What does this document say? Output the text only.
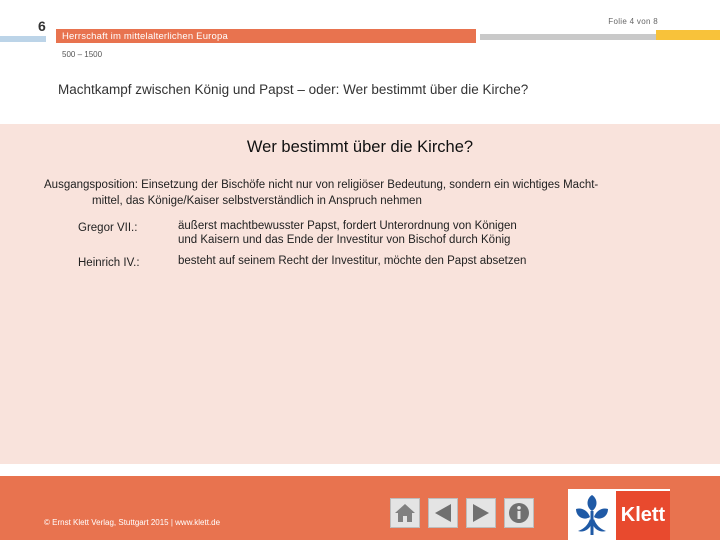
6	Folie 4 von 8
Herrschaft im mittelalterlichen Europa
500 – 1500
Machtkampf zwischen König und Papst – oder: Wer bestimmt über die Kirche?
Wer bestimmt über die Kirche?
Ausgangsposition: Einsetzung der Bischöfe nicht nur von religiöser Bedeutung, sondern ein wichtiges Macht-
mittel, das Könige/Kaiser selbstverständlich in Anspruch nehmen
Gregor VII.:	äußerst machtbewusster Papst, fordert Unterordnung von Königen
und Kaisern und das Ende der Investitur von Bischof durch König
Heinrich IV.:	besteht auf seinem Recht der Investitur, möchte den Papst absetzen
© Ernst Klett Verlag, Stuttgart 2015 | www.klett.de	Klett
